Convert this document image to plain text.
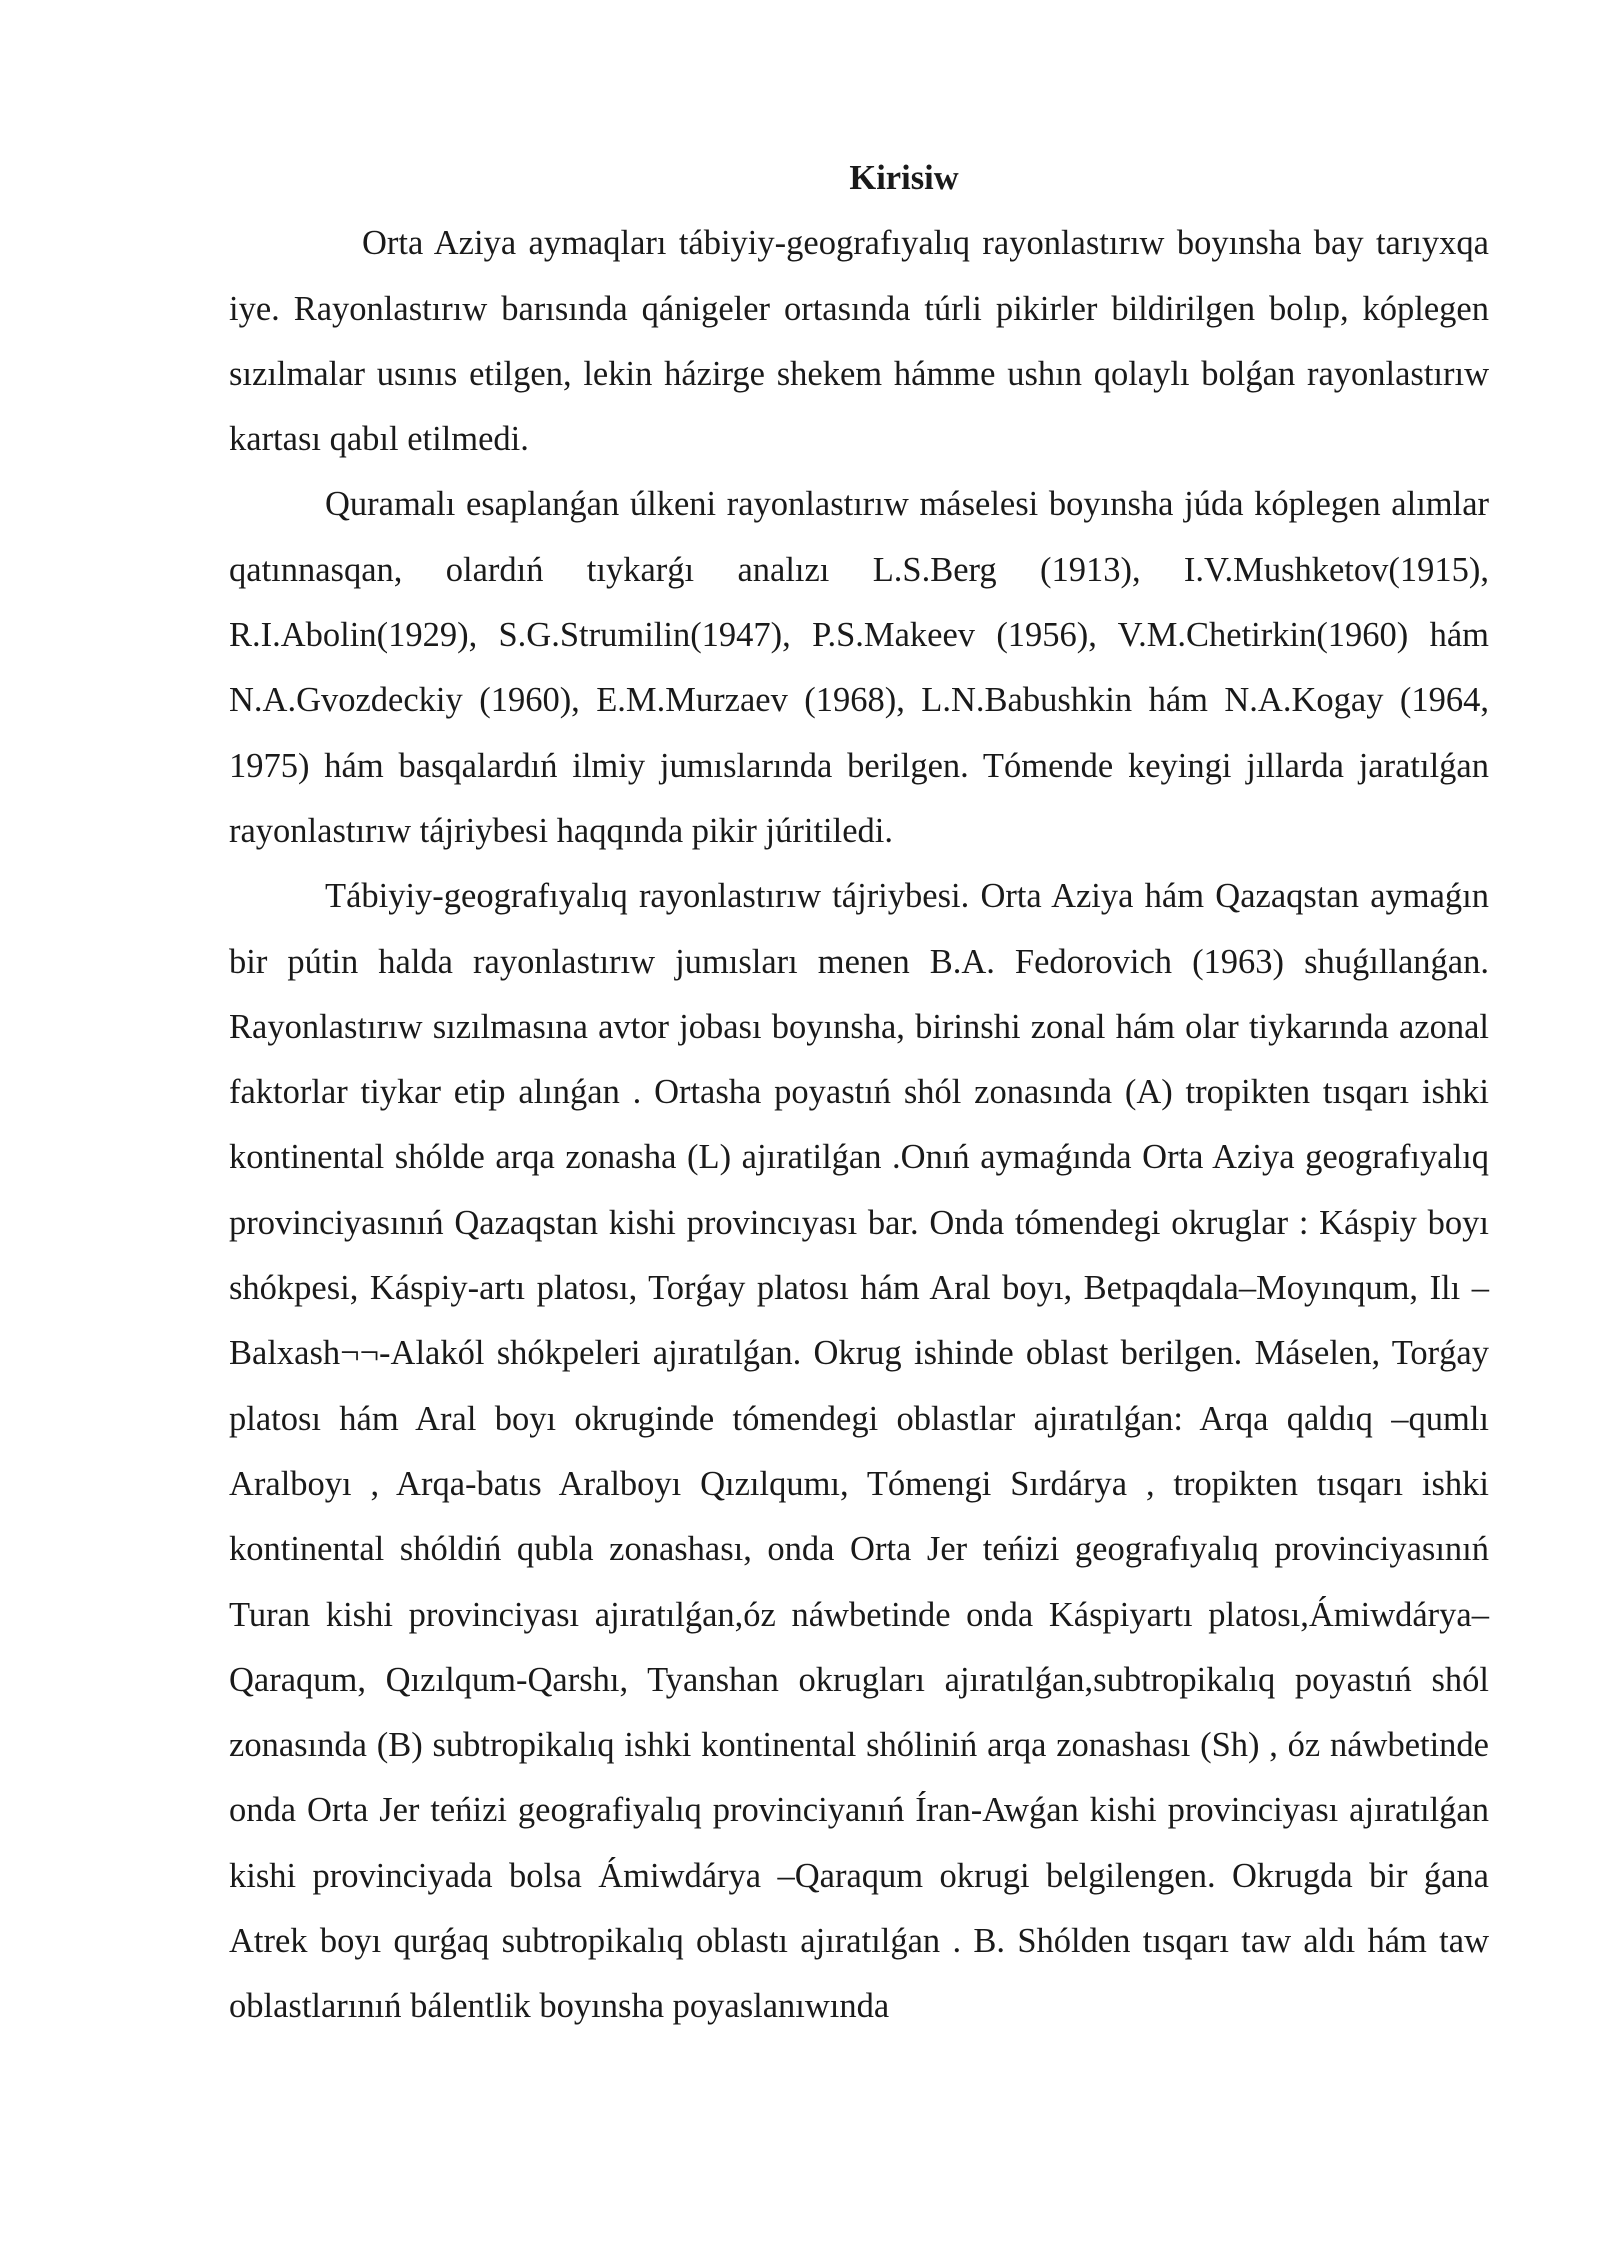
Kirisiw

Orta Aziya aymaqları tábiyiy-geografıyalıq rayonlastırıw boyınsha bay tarıyxqa iye. Rayonlastırıw barısında qánigeler ortasında túrli pikirler bildirilgen bolıp, kóplegen sızılmalar usınıs etilgen, lekin házirge shekem hámme ushın qolaylı bolǵan rayonlastırıw kartası qabıl etilmedi.

Quramalı esaplanǵan úlkeni rayonlastırıw máselesi boyınsha júda kóplegen alımlar qatınnasqan, olardıń tıykarǵı analızı L.S.Berg (1913), I.V.Mushketov(1915), R.I.Abolin(1929), S.G.Strumilin(1947), P.S.Makeev (1956), V.M.Chetirkin(1960) hám N.A.Gvozdeckiy (1960), E.M.Murzaev (1968), L.N.Babushkin hám N.A.Kogay (1964, 1975) hám basqalardıń ilmiy jumıslarında berilgen. Tómende keyingi jıllarda jaratılǵan rayonlastırıw tájriybesi haqqında pikir júritiledi.

Tábiyiy-geografıyalıq rayonlastırıw tájriybesi. Orta Aziya hám Qazaqstan aymaǵın bir pútin halda rayonlastırıw jumısları menen B.A. Fedorovich (1963) shuǵıllanǵan. Rayonlastırıw sızılmasına avtor jobası boyınsha, birinshi zonal hám olar tiykarında azonal faktorlar tiykar etip alınǵan . Ortasha poyastıń shól zonasında (A) tropikten tısqarı ishki kontinental shólde arqa zonasha (L) ajıratilǵan .Onıń aymaǵında Orta Aziya geografıyalıq provinciyasınıń Qazaqstan kishi provincıyası bar. Onda tómendegi okruglar : Káspiy boyı shókpesi, Káspiy-artı platosı, Torǵay platosı hám Aral boyı, Betpaqdala–Moyınqum, Ilı –Balxash¬¬-Alakól shókpeleri ajıratılǵan. Okrug ishinde oblast berilgen. Máselen, Torǵay platosı hám Aral boyı okruginde tómendegi oblastlar ajıratılǵan: Arqa qaldıq –qumlı Aralboyı , Arqa-batıs Aralboyı Qızılqumı, Tómengi Sırdárya , tropikten tısqarı ishki kontinental shóldiń qubla zonashası, onda Orta Jer teńizi geografıyalıq provinciyasınıń Turan kishi provinciyası ajıratılǵan,óz náwbetinde onda Káspiyartı platosı,Ámiwdárya–Qaraqum, Qızılqum-Qarshı, Tyanshan okrugları ajıratılǵan,subtropikalıq poyastıń shól zonasında (B) subtropikalıq ishki kontinental shóliniń arqa zonashası (Sh) , óz náwbetinde onda Orta Jer teńizi geografiyalıq provinciyanıń Íran-Awǵan kishi provinciyası ajıratılǵan kishi provinciyada bolsa Ámiwdárya –Qaraqum okrugi belgilengen. Okrugda bir ǵana Atrek boyı qurǵaq subtropikalıq oblastı ajıratılǵan . B. Shólden tısqarı taw aldı hám taw oblastlarınıń bálentlik boyınsha poyaslanıwında
